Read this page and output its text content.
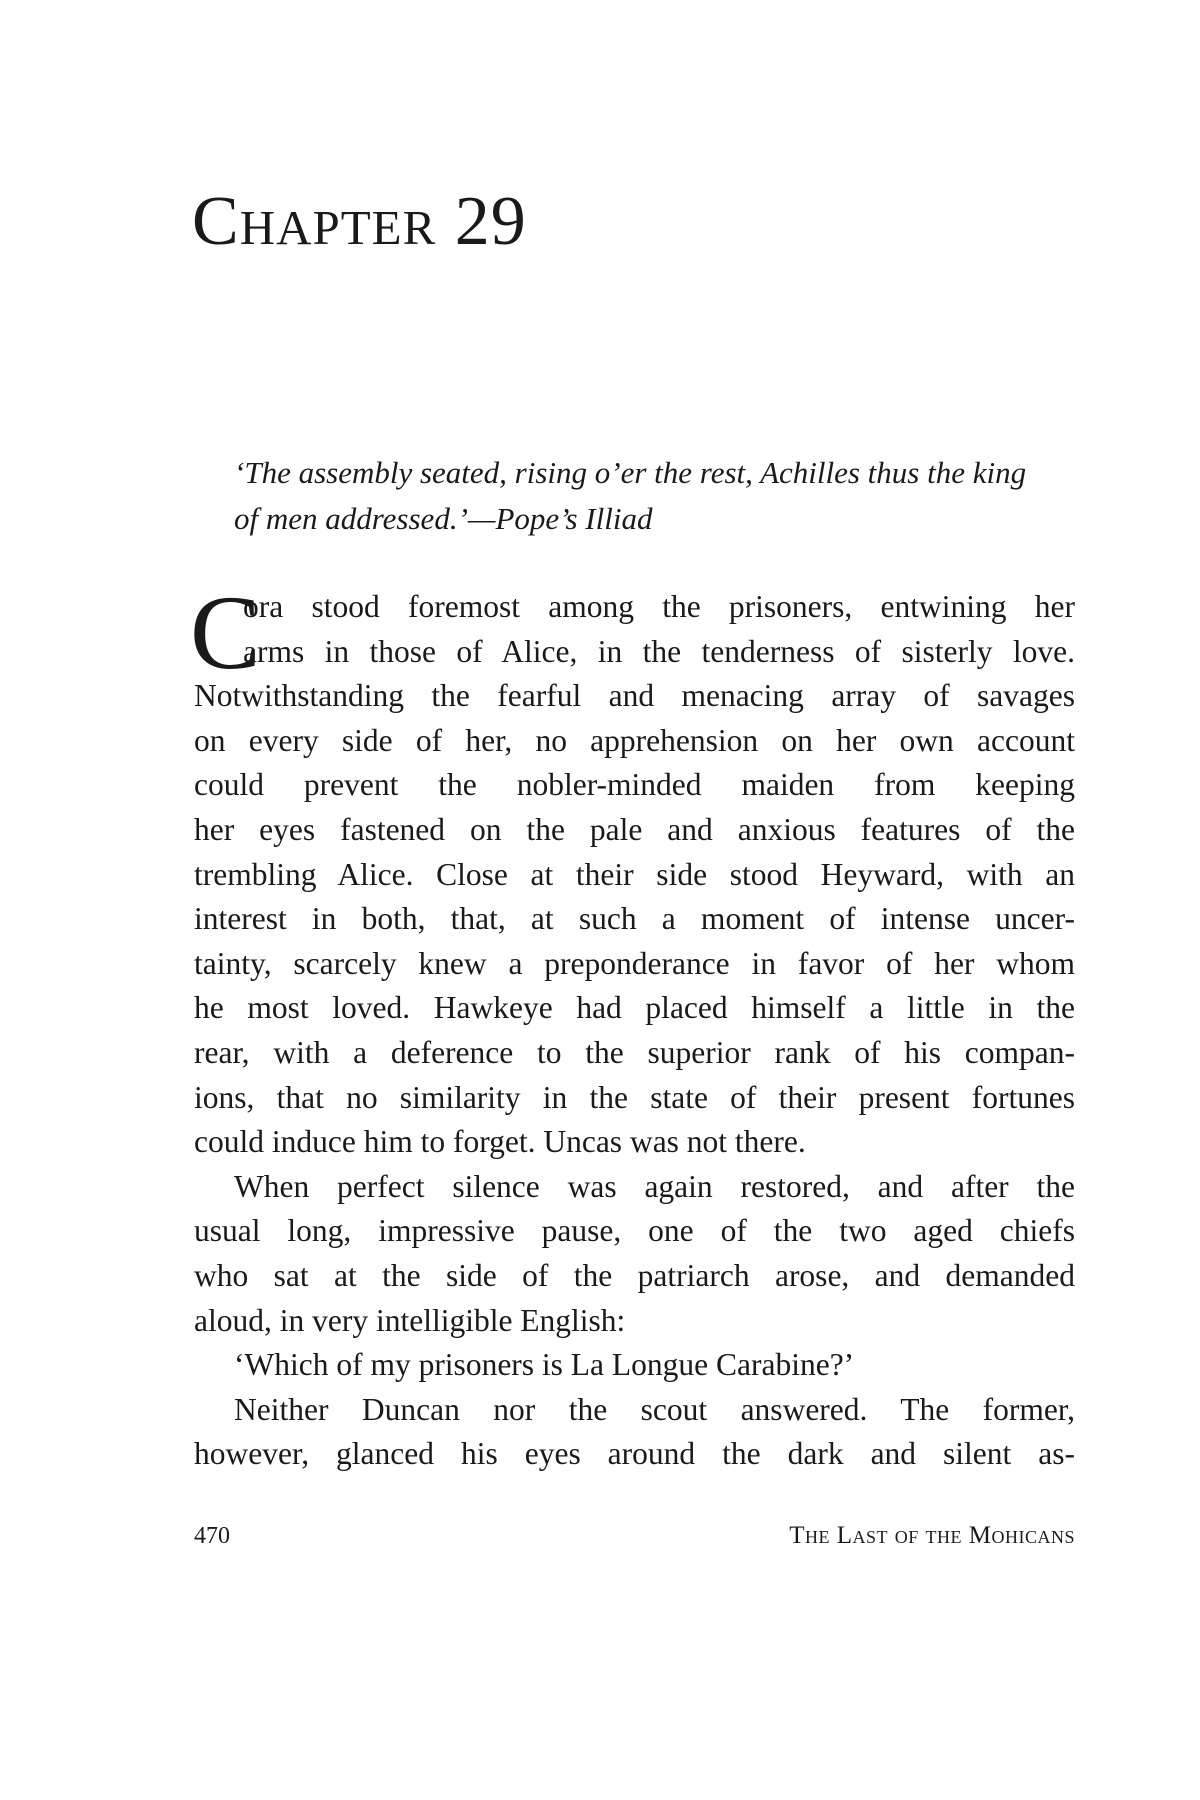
Chapter 29
‘The assembly seated, rising o’er the rest, Achilles thus the king
of men addressed.’—Pope’s Illiad
C
ora stood foremost among the prisoners, entwining her
arms in those of Alice, in the tenderness of sisterly love.
Notwithstanding the fearful and menacing array of savages
on every side of her, no apprehension on her own account
could prevent the nobler-minded maiden from keeping
her eyes fastened on the pale and anxious features of the
trembling Alice. Close at their side stood Heyward, with an
interest in both, that, at such a moment of intense uncer-
tainty, scarcely knew a preponderance in favor of her whom
he most loved. Hawkeye had placed himself a little in the
rear, with a deference to the superior rank of his compan-
ions, that no similarity in the state of their present fortunes
could induce him to forget. Uncas was not there.
When perfect silence was again restored, and after the
usual long, impressive pause, one of the two aged chiefs
who sat at the side of the patriarch arose, and demanded
aloud, in very intelligible English:
‘Which of my prisoners is La Longue Carabine?’
Neither Duncan nor the scout answered. The former,
however, glanced his eyes around the dark and silent as-
470	The Last of the Mohicans
